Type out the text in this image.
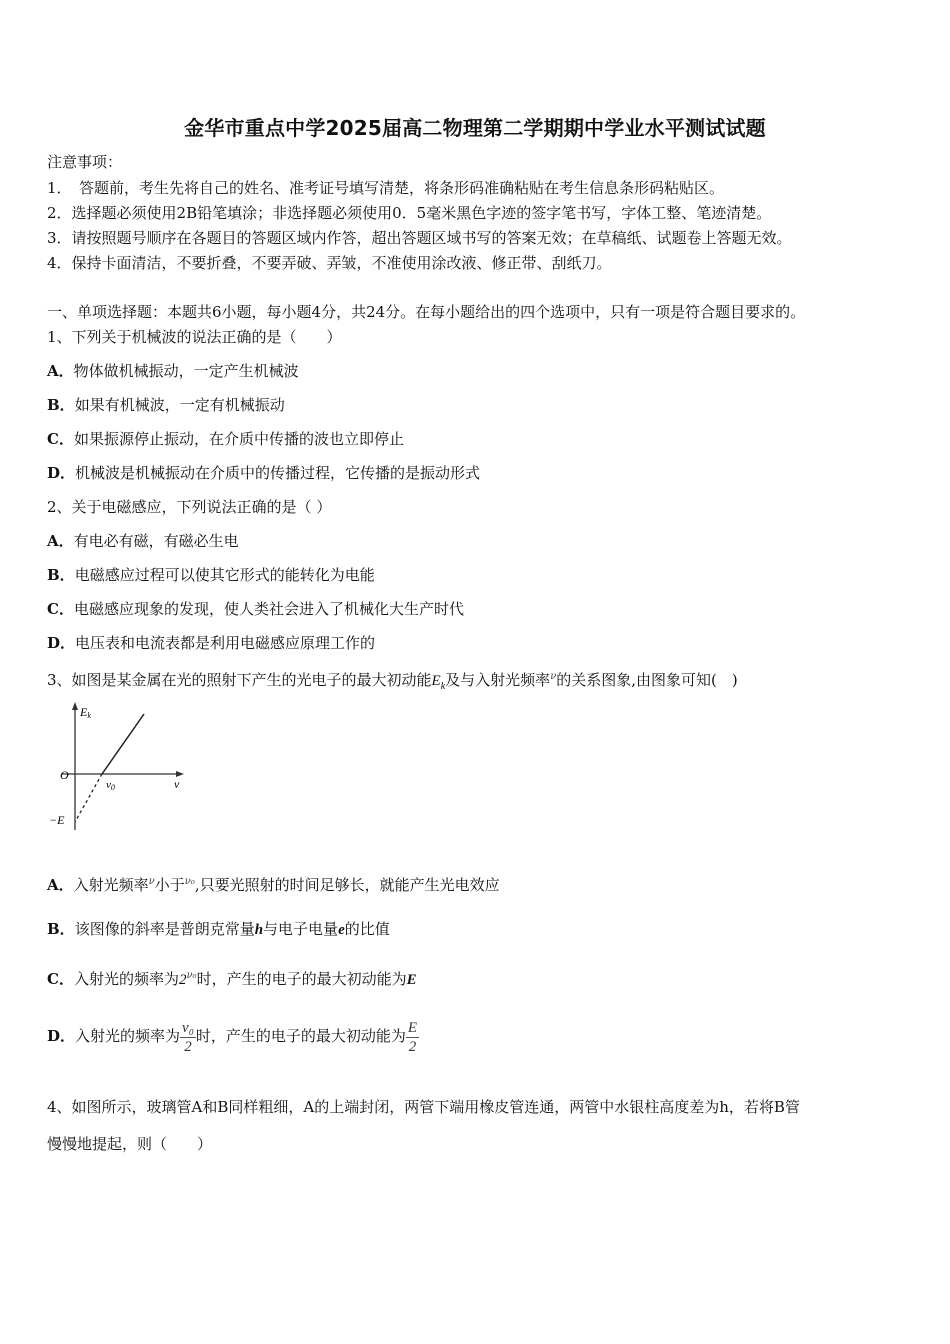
金华市重点中学2025届高二物理第二学期期中学业水平测试试题
注意事项：
1．　答题前，考生先将自己的姓名、准考证号填写清楚，将条形码准确粘贴在考生信息条形码粘贴区。
2．选择题必须使用2B铅笔填涂；非选择题必须使用0．5毫米黑色字迹的签字笔书写，字体工整、笔迹清楚。
3．请按照题号顺序在各题目的答题区域内作答，超出答题区域书写的答案无效；在草稿纸、试题卷上答题无效。
4．保持卡面清洁，不要折叠，不要弄破、弄皱，不准使用涂改液、修正带、刮纸刀。
一、单项选择题：本题共6小题，每小题4分，共24分。在每小题给出的四个选项中，只有一项是符合题目要求的。
1、下列关于机械波的说法正确的是（　　）
A．物体做机械振动，一定产生机械波
B．如果有机械波，一定有机械振动
C．如果振源停止振动，在介质中传播的波也立即停止
D．机械波是机械振动在介质中的传播过程，它传播的是振动形式
2、关于电磁感应，下列说法正确的是（ ）
A．有电必有磁，有磁必生电
B．电磁感应过程可以使其它形式的能转化为电能
C．电磁感应现象的发现，使人类社会进入了机械化大生产时代
D．电压表和电流表都是利用电磁感应原理工作的
3、如图是某金属在光的照射下产生的光电子的最大初动能$E_k$及与入射光频率$^\nu$的关系图象,由图象可知(　)
Ek
O
ν
ν0
−E
A．入射光频率$^\nu$小于$^{\nu_0}$,只要光照射的时间足够长，就能产生光电效应
B．该图像的斜率是普朗克常量h与电子电量e的比值
C．入射光的频率为$2^{\nu_0}$时，产生的电子的最大初动能为E
D．入射光的频率为 $\frac{\text{ν₀}}{2}$ 时，产生的电子的最大初动能为 $\frac{E}{2}$
4、如图所示，玻璃管A和B同样粗细，A的上端封闭，两管下端用橡皮管连通，两管中水银柱高度差为h，若将B管
慢慢地提起，则（　　）
